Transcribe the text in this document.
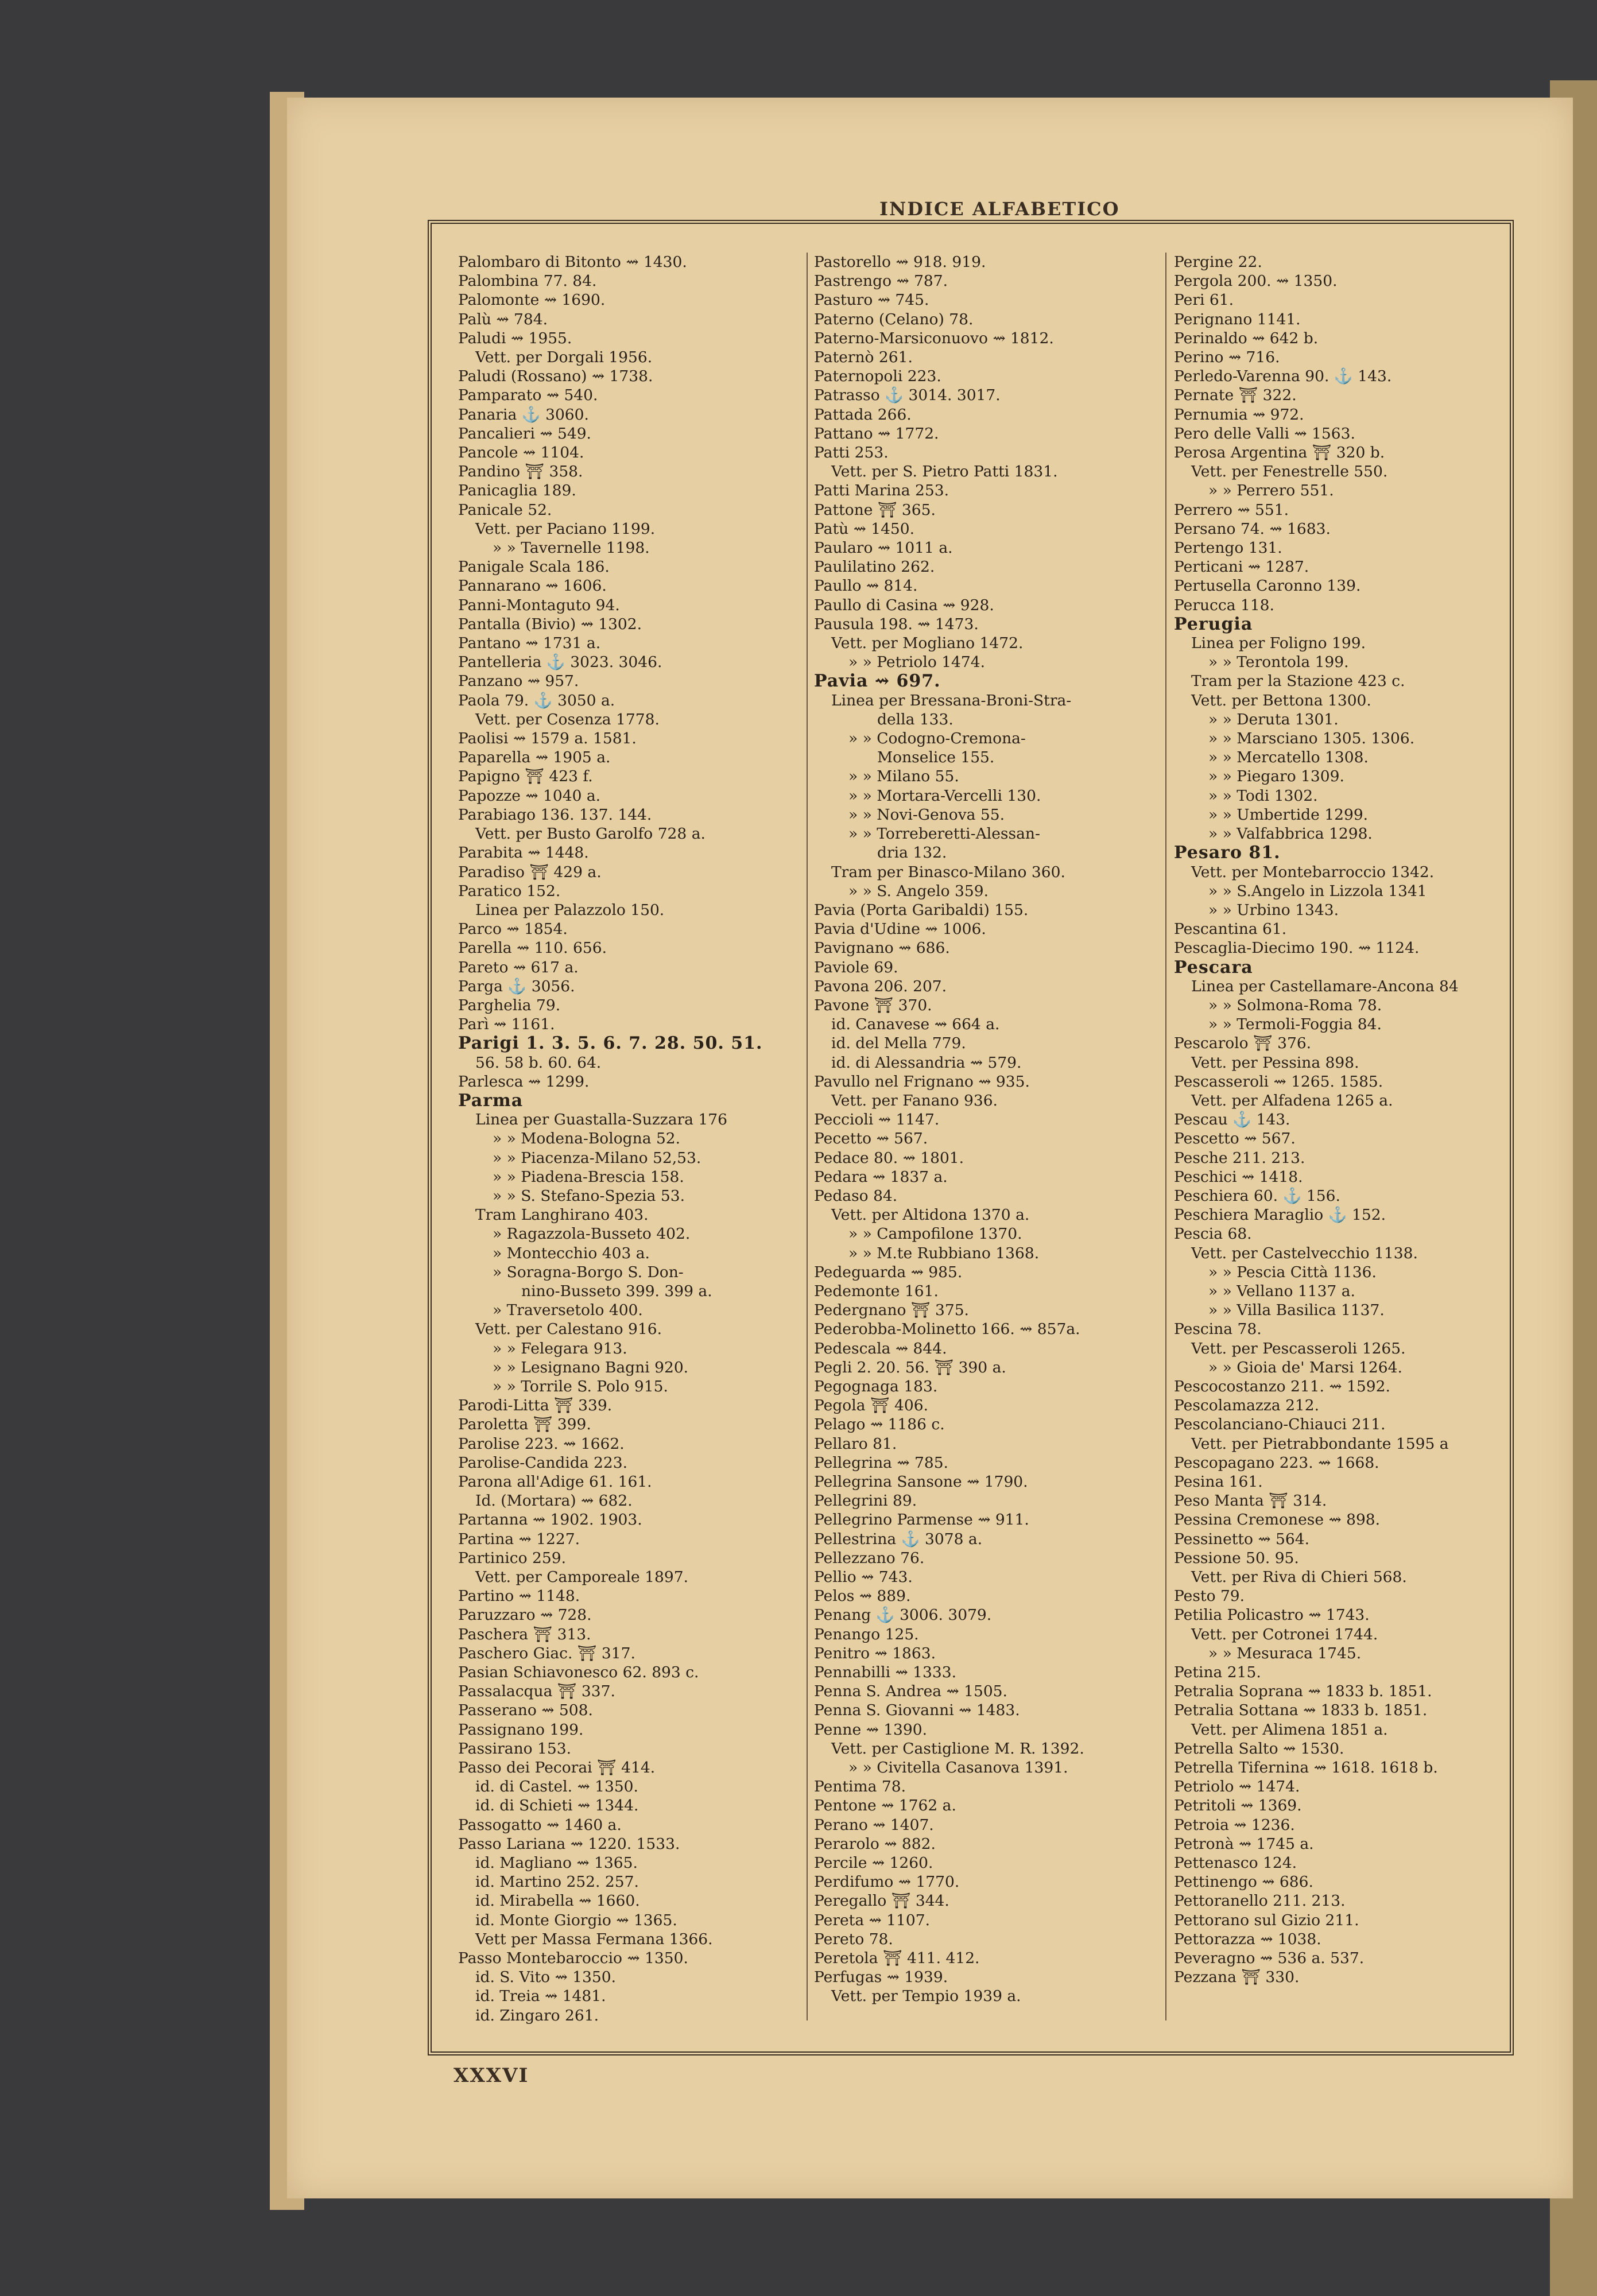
INDICE ALFABETICO
Palombaro di Bitonto ⇝ 1430.
Palombina 77. 84.
Palomonte ⇝ 1690.
Palù ⇝ 784.
Paludi ⇝ 1955.
Vett. per Dorgali 1956.
Paludi (Rossano) ⇝ 1738.
Pamparato ⇝ 540.
Panaria ⚓ 3060.
Pancalieri ⇝ 549.
Pancole ⇝ 1104.
Pandino ⛩ 358.
Panicaglia 189.
Panicale 52.
Vett. per Paciano 1199.
» » Tavernelle 1198.
Panigale Scala 186.
Pannarano ⇝ 1606.
Panni-Montaguto 94.
Pantalla (Bivio) ⇝ 1302.
Pantano ⇝ 1731 a.
Pantelleria ⚓ 3023. 3046.
Panzano ⇝ 957.
Paola 79. ⚓ 3050 a.
Vett. per Cosenza 1778.
Paolisi ⇝ 1579 a. 1581.
Paparella ⇝ 1905 a.
Papigno ⛩ 423 f.
Papozze ⇝ 1040 a.
Parabiago 136. 137. 144.
Vett. per Busto Garolfo 728 a.
Parabita ⇝ 1448.
Paradiso ⛩ 429 a.
Paratico 152.
Linea per Palazzolo 150.
Parco ⇝ 1854.
Parella ⇝ 110. 656.
Pareto ⇝ 617 a.
Parga ⚓ 3056.
Parghelia 79.
Parì ⇝ 1161.
Parigi 1. 3. 5. 6. 7. 28. 50. 51.
56. 58 b. 60. 64.
Parlesca ⇝ 1299.
Parma
Linea per Guastalla-Suzzara 176
» » Modena-Bologna 52.
» » Piacenza-Milano 52,53.
» » Piadena-Brescia 158.
» » S. Stefano-Spezia 53.
Tram Langhirano 403.
» Ragazzola-Busseto 402.
» Montecchio 403 a.
» Soragna-Borgo S. Don-
nino-Busseto 399. 399 a.
» Traversetolo 400.
Vett. per Calestano 916.
» » Felegara 913.
» » Lesignano Bagni 920.
» » Torrile S. Polo 915.
Parodi-Litta ⛩ 339.
Paroletta ⛩ 399.
Parolise 223. ⇝ 1662.
Parolise-Candida 223.
Parona all'Adige 61. 161.
Id. (Mortara) ⇝ 682.
Partanna ⇝ 1902. 1903.
Partina ⇝ 1227.
Partinico 259.
Vett. per Camporeale 1897.
Partino ⇝ 1148.
Paruzzaro ⇝ 728.
Paschera ⛩ 313.
Paschero Giac. ⛩ 317.
Pasian Schiavonesco 62. 893 c.
Passalacqua ⛩ 337.
Passerano ⇝ 508.
Passignano 199.
Passirano 153.
Passo dei Pecorai ⛩ 414.
id. di Castel. ⇝ 1350.
id. di Schieti ⇝ 1344.
Passogatto ⇝ 1460 a.
Passo Lariana ⇝ 1220. 1533.
id. Magliano ⇝ 1365.
id. Martino 252. 257.
id. Mirabella ⇝ 1660.
id. Monte Giorgio ⇝ 1365.
Vett per Massa Fermana 1366.
Passo Montebaroccio ⇝ 1350.
id. S. Vito ⇝ 1350.
id. Treia ⇝ 1481.
id. Zingaro 261.
Pastorello ⇝ 918. 919.
Pastrengo ⇝ 787.
Pasturo ⇝ 745.
Paterno (Celano) 78.
Paterno-Marsiconuovo ⇝ 1812.
Paternò 261.
Paternopoli 223.
Patrasso ⚓ 3014. 3017.
Pattada 266.
Pattano ⇝ 1772.
Patti 253.
Vett. per S. Pietro Patti 1831.
Patti Marina 253.
Pattone ⛩ 365.
Patù ⇝ 1450.
Paularo ⇝ 1011 a.
Paulilatino 262.
Paullo ⇝ 814.
Paullo di Casina ⇝ 928.
Pausula 198. ⇝ 1473.
Vett. per Mogliano 1472.
» » Petriolo 1474.
Pavia ⇝ 697.
Linea per Bressana-Broni-Stra-
della 133.
» » Codogno-Cremona-
Monselice 155.
» » Milano 55.
» » Mortara-Vercelli 130.
» » Novi-Genova 55.
» » Torreberetti-Alessan-
dria 132.
Tram per Binasco-Milano 360.
» » S. Angelo 359.
Pavia (Porta Garibaldi) 155.
Pavia d'Udine ⇝ 1006.
Pavignano ⇝ 686.
Paviole 69.
Pavona 206. 207.
Pavone ⛩ 370.
id. Canavese ⇝ 664 a.
id. del Mella 779.
id. di Alessandria ⇝ 579.
Pavullo nel Frignano ⇝ 935.
Vett. per Fanano 936.
Peccioli ⇝ 1147.
Pecetto ⇝ 567.
Pedace 80. ⇝ 1801.
Pedara ⇝ 1837 a.
Pedaso 84.
Vett. per Altidona 1370 a.
» » Campofilone 1370.
» » M.te Rubbiano 1368.
Pedeguarda ⇝ 985.
Pedemonte 161.
Pedergnano ⛩ 375.
Pederobba-Molinetto 166. ⇝ 857a.
Pedescala ⇝ 844.
Pegli 2. 20. 56. ⛩ 390 a.
Pegognaga 183.
Pegola ⛩ 406.
Pelago ⇝ 1186 c.
Pellaro 81.
Pellegrina ⇝ 785.
Pellegrina Sansone ⇝ 1790.
Pellegrini 89.
Pellegrino Parmense ⇝ 911.
Pellestrina ⚓ 3078 a.
Pellezzano 76.
Pellio ⇝ 743.
Pelos ⇝ 889.
Penang ⚓ 3006. 3079.
Penango 125.
Penitro ⇝ 1863.
Pennabilli ⇝ 1333.
Penna S. Andrea ⇝ 1505.
Penna S. Giovanni ⇝ 1483.
Penne ⇝ 1390.
Vett. per Castiglione M. R. 1392.
» » Civitella Casanova 1391.
Pentima 78.
Pentone ⇝ 1762 a.
Perano ⇝ 1407.
Perarolo ⇝ 882.
Percile ⇝ 1260.
Perdifumo ⇝ 1770.
Peregallo ⛩ 344.
Pereta ⇝ 1107.
Pereto 78.
Peretola ⛩ 411. 412.
Perfugas ⇝ 1939.
Vett. per Tempio 1939 a.
Pergine 22.
Pergola 200. ⇝ 1350.
Peri 61.
Perignano 1141.
Perinaldo ⇝ 642 b.
Perino ⇝ 716.
Perledo-Varenna 90. ⚓ 143.
Pernate ⛩ 322.
Pernumia ⇝ 972.
Pero delle Valli ⇝ 1563.
Perosa Argentina ⛩ 320 b.
Vett. per Fenestrelle 550.
» » Perrero 551.
Perrero ⇝ 551.
Persano 74. ⇝ 1683.
Pertengo 131.
Perticani ⇝ 1287.
Pertusella Caronno 139.
Perucca 118.
Perugia
Linea per Foligno 199.
» » Terontola 199.
Tram per la Stazione 423 c.
Vett. per Bettona 1300.
» » Deruta 1301.
» » Marsciano 1305. 1306.
» » Mercatello 1308.
» » Piegaro 1309.
» » Todi 1302.
» » Umbertide 1299.
» » Valfabbrica 1298.
Pesaro 81.
Vett. per Montebarroccio 1342.
» » S.Angelo in Lizzola 1341
» » Urbino 1343.
Pescantina 61.
Pescaglia-Diecimo 190. ⇝ 1124.
Pescara
Linea per Castellamare-Ancona 84
» » Solmona-Roma 78.
» » Termoli-Foggia 84.
Pescarolo ⛩ 376.
Vett. per Pessina 898.
Pescasseroli ⇝ 1265. 1585.
Vett. per Alfadena 1265 a.
Pescau ⚓ 143.
Pescetto ⇝ 567.
Pesche 211. 213.
Peschici ⇝ 1418.
Peschiera 60. ⚓ 156.
Peschiera Maraglio ⚓ 152.
Pescia 68.
Vett. per Castelvecchio 1138.
» » Pescia Città 1136.
» » Vellano 1137 a.
» » Villa Basilica 1137.
Pescina 78.
Vett. per Pescasseroli 1265.
» » Gioia de' Marsi 1264.
Pescocostanzo 211. ⇝ 1592.
Pescolamazza 212.
Pescolanciano-Chiauci 211.
Vett. per Pietrabbondante 1595 a
Pescopagano 223. ⇝ 1668.
Pesina 161.
Peso Manta ⛩ 314.
Pessina Cremonese ⇝ 898.
Pessinetto ⇝ 564.
Pessione 50. 95.
Vett. per Riva di Chieri 568.
Pesto 79.
Petilia Policastro ⇝ 1743.
Vett. per Cotronei 1744.
» » Mesuraca 1745.
Petina 215.
Petralia Soprana ⇝ 1833 b. 1851.
Petralia Sottana ⇝ 1833 b. 1851.
Vett. per Alimena 1851 a.
Petrella Salto ⇝ 1530.
Petrella Tifernina ⇝ 1618. 1618 b.
Petriolo ⇝ 1474.
Petritoli ⇝ 1369.
Petroia ⇝ 1236.
Petronà ⇝ 1745 a.
Pettenasco 124.
Pettinengo ⇝ 686.
Pettoranello 211. 213.
Pettorano sul Gizio 211.
Pettorazza ⇝ 1038.
Peveragno ⇝ 536 a. 537.
Pezzana ⛩ 330.
XXXVI
